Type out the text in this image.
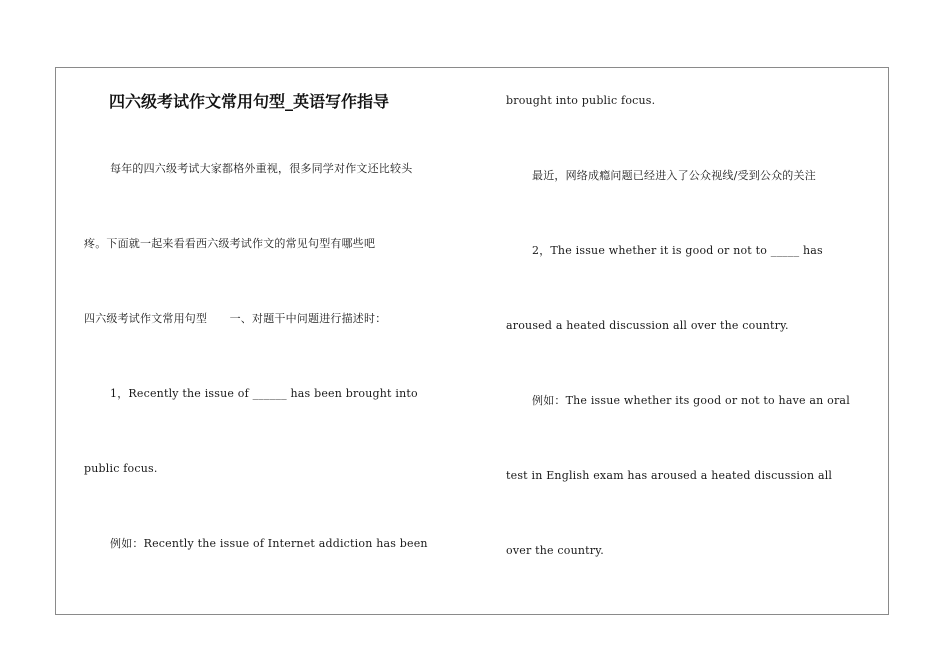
四六级考试作文常用句型_英语写作指导
每年的四六级考试大家都格外重视，很多同学对作文还比较头
疼。下面就一起来看看西六级考试作文的常见句型有哪些吧
四六级考试作文常用句型　　一、对题干中问题进行描述时：
1，Recently the issue of ______ has been brought into
public focus.
例如：Recently the issue of Internet addiction has been
brought into public focus.
最近，网络成瘾问题已经进入了公众视线/受到公众的关注
2，The issue whether it is good or not to _____ has
aroused a heated discussion all over the country.
例如：The issue whether its good or not to have an oral
test in English exam has aroused a heated discussion all
over the country.
